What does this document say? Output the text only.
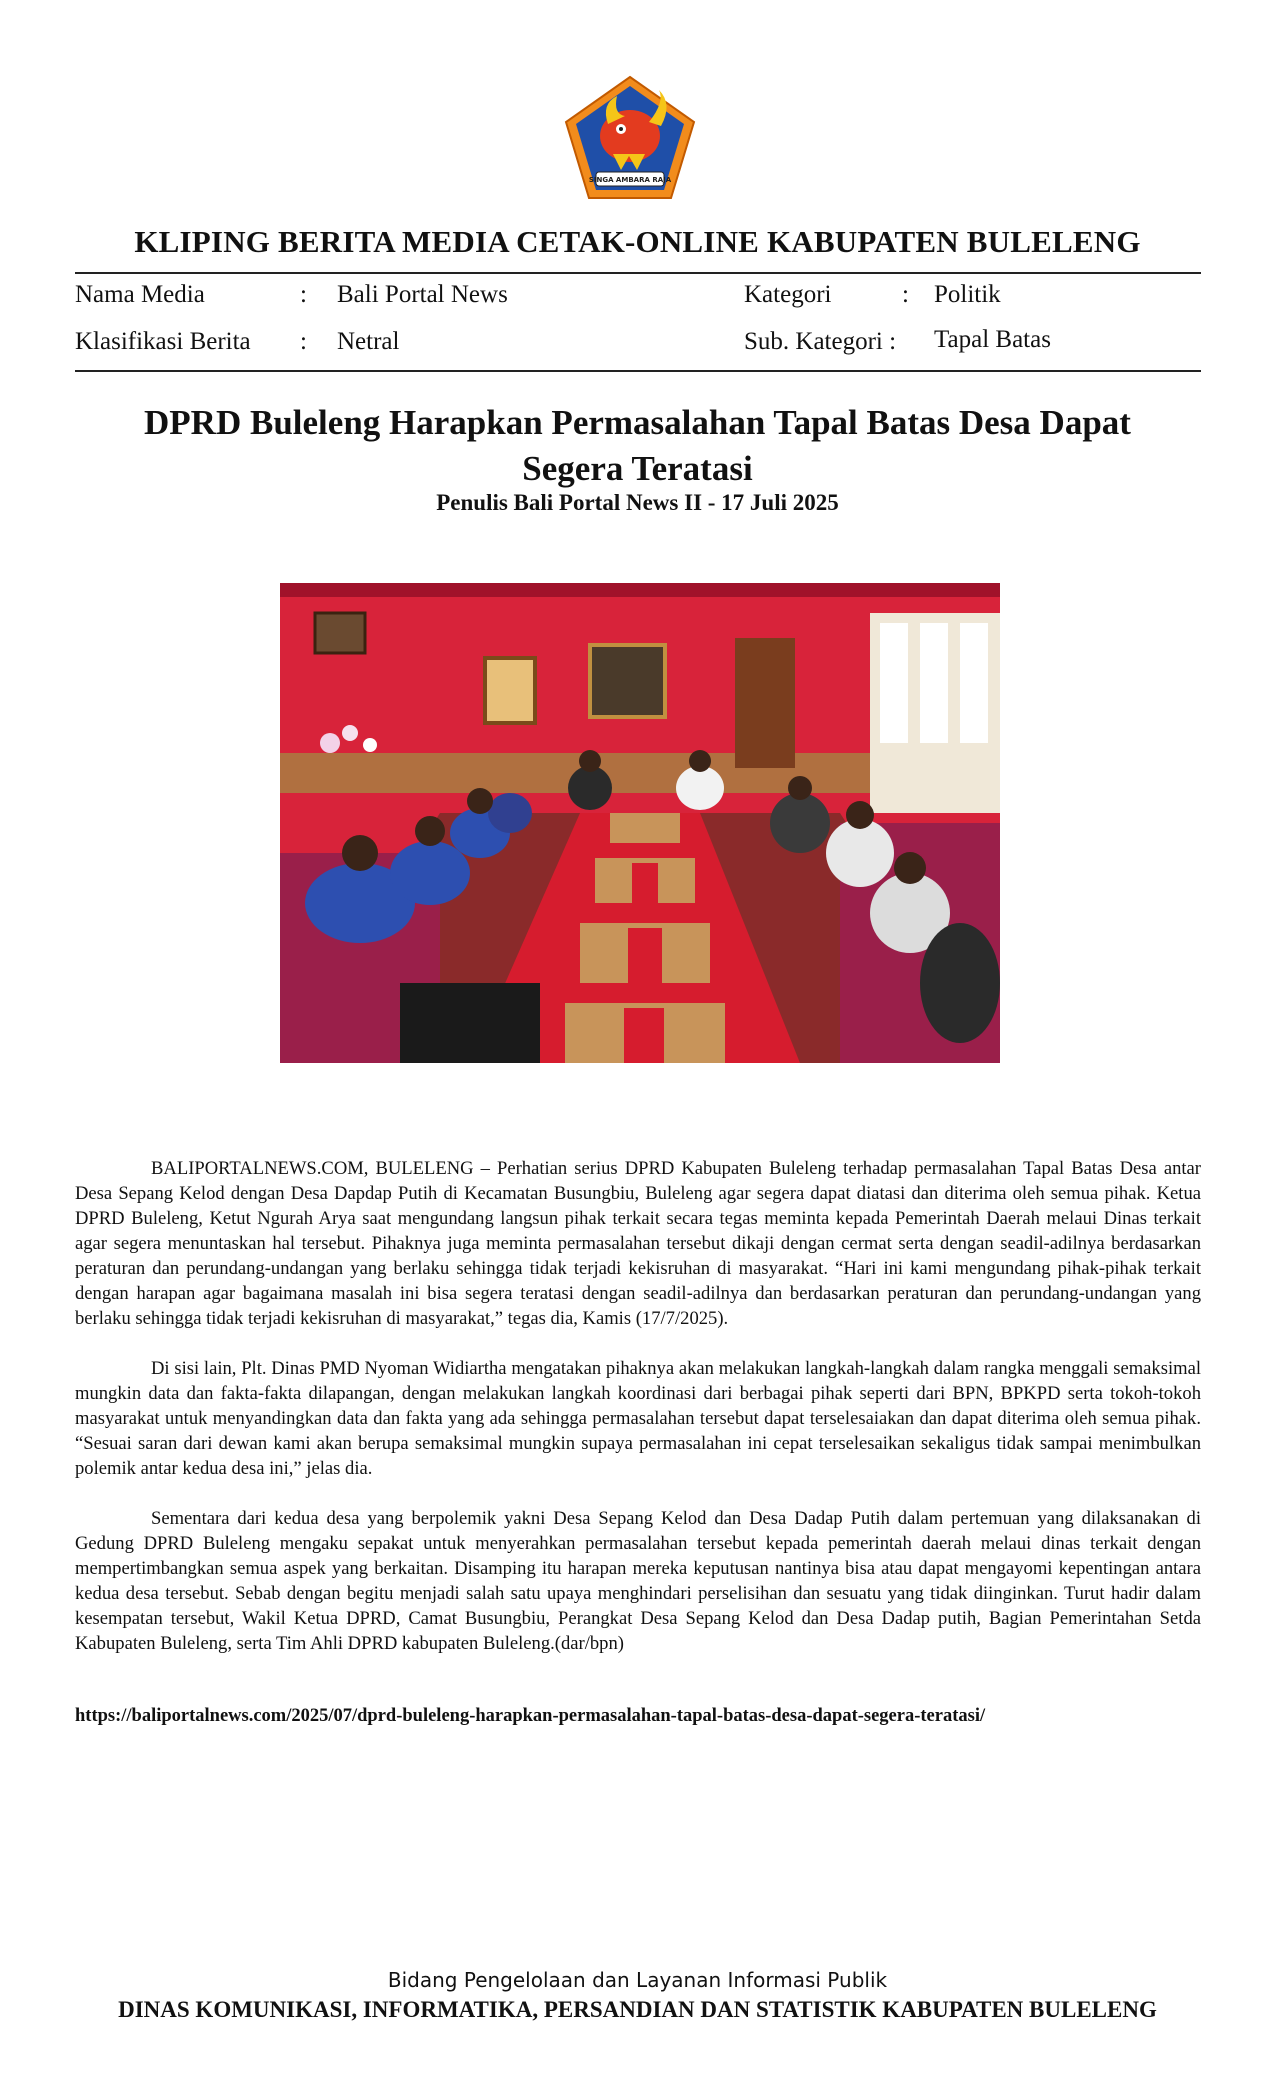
SINGA AMBARA RAJA
KLIPING BERITA MEDIA CETAK-ONLINE KABUPATEN BULELENG
Nama Media	: Bali Portal News	Kategori	: Politik
Klasifikasi Berita : Netral	Sub. Kategori : Tapal Batas
DPRD Buleleng Harapkan Permasalahan Tapal Batas Desa Dapat Segera Teratasi
Penulis Bali Portal News II - 17 Juli 2025

BALIPORTALNEWS.COM, BULELENG – Perhatian serius DPRD Kabupaten Buleleng terhadap permasalahan Tapal Batas Desa antar Desa Sepang Kelod dengan Desa Dapdap Putih di Kecamatan Busungbiu, Buleleng agar segera dapat diatasi dan diterima oleh semua pihak. Ketua DPRD Buleleng, Ketut Ngurah Arya saat mengundang langsun pihak terkait secara tegas meminta kepada Pemerintah Daerah melaui Dinas terkait agar segera menuntaskan hal tersebut. Pihaknya juga meminta permasalahan tersebut dikaji dengan cermat serta dengan seadil-adilnya berdasarkan peraturan dan perundang-undangan yang berlaku sehingga tidak terjadi kekisruhan di masyarakat. “Hari ini kami mengundang pihak-pihak terkait dengan harapan agar bagaimana masalah ini bisa segera teratasi dengan seadil-adilnya dan berdasarkan peraturan dan perundang-undangan yang berlaku sehingga tidak terjadi kekisruhan di masyarakat,” tegas dia, Kamis (17/7/2025).

Di sisi lain, Plt. Dinas PMD Nyoman Widiartha mengatakan pihaknya akan melakukan langkah-langkah dalam rangka menggali semaksimal mungkin data dan fakta-fakta dilapangan, dengan melakukan langkah koordinasi dari berbagai pihak seperti dari BPN, BPKPD serta tokoh-tokoh masyarakat untuk menyandingkan data dan fakta yang ada sehingga permasalahan tersebut dapat terselesaiakan dan dapat diterima oleh semua pihak. “Sesuai saran dari dewan kami akan berupa semaksimal mungkin supaya permasalahan ini cepat terselesaikan sekaligus tidak sampai menimbulkan polemik antar kedua desa ini,” jelas dia.

Sementara dari kedua desa yang berpolemik yakni Desa Sepang Kelod dan Desa Dadap Putih dalam pertemuan yang dilaksanakan di Gedung DPRD Buleleng mengaku sepakat untuk menyerahkan permasalahan tersebut kepada pemerintah daerah melaui dinas terkait dengan mempertimbangkan semua aspek yang berkaitan. Disamping itu harapan mereka keputusan nantinya bisa atau dapat mengayomi kepentingan antara kedua desa tersebut. Sebab dengan begitu menjadi salah satu upaya menghindari perselisihan dan sesuatu yang tidak diinginkan. Turut hadir dalam kesempatan tersebut, Wakil Ketua DPRD, Camat Busungbiu, Perangkat Desa Sepang Kelod dan Desa Dadap putih, Bagian Pemerintahan Setda Kabupaten Buleleng, serta Tim Ahli DPRD kabupaten Buleleng.(dar/bpn)

https://baliportalnews.com/2025/07/dprd-buleleng-harapkan-permasalahan-tapal-batas-desa-dapat-segera-teratasi/
Bidang Pengelolaan dan Layanan Informasi Publik
DINAS KOMUNIKASI, INFORMATIKA, PERSANDIAN DAN STATISTIK KABUPATEN BULELENG
